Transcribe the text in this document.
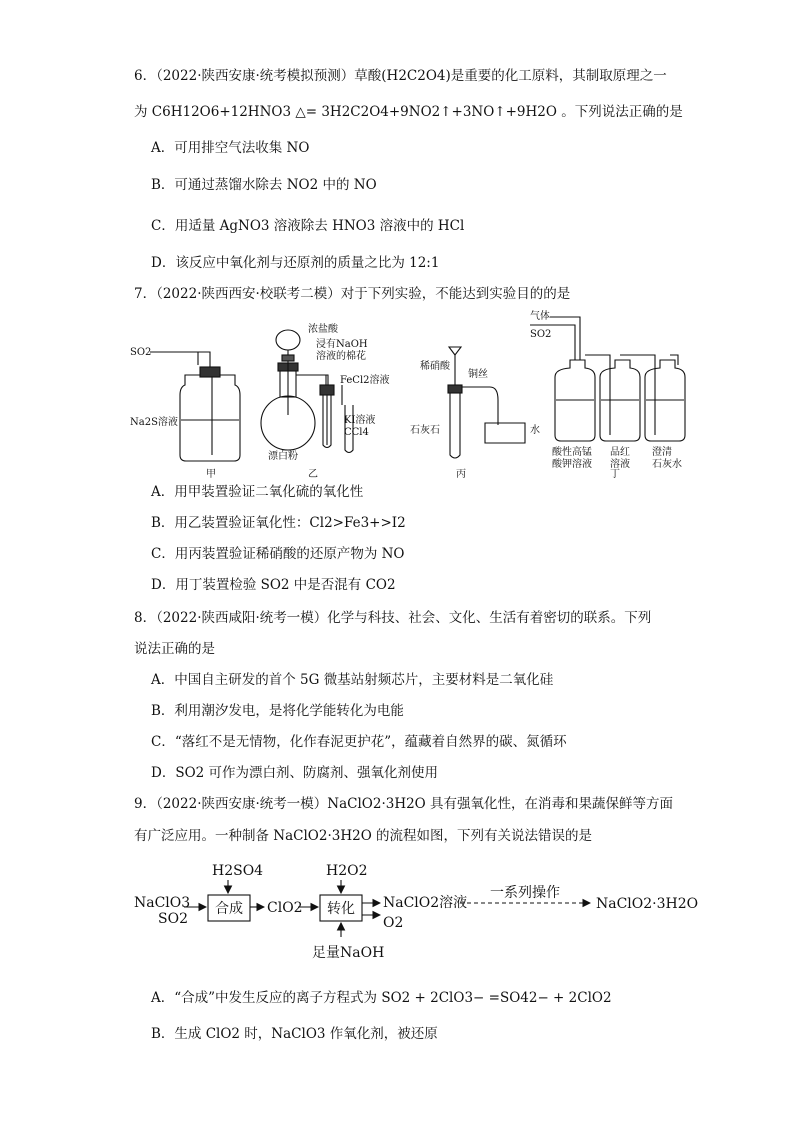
6．（2022·陕西安康·统考模拟预测）草酸(H2C2O4)是重要的化工原料，其制取原理之一
为 C6H12O6+12HNO3 △= 3H2C2O4+9NO2↑+3NO↑+9H2O 。下列说法正确的是
A．可用排空气法收集 NO
B．可通过蒸馏水除去 NO2 中的 NO
C．用适量 AgNO3 溶液除去 HNO3 溶液中的 HCl
D．该反应中氧化剂与还原剂的质量之比为 12:1
7．（2022·陕西西安·校联考二模）对于下列实验，不能达到实验目的的是
SO2
Na2S溶液
甲
浓盐酸
浸有NaOH
溶液的棉花
FeCl2溶液
KI溶液
CCl4
漂白粉
乙
稀硝酸
铜丝
石灰石	水
丙
气体
SO2
酸性高锰
酸钾溶液
品红
溶液
澄清
石灰水
丁
A．用甲装置验证二氧化硫的氧化性
B．用乙装置验证氧化性：Cl2>Fe3+>I2
C．用丙装置验证稀硝酸的还原产物为 NO
D．用丁装置检验 SO2 中是否混有 CO2
8．（2022·陕西咸阳·统考一模）化学与科技、社会、文化、生活有着密切的联系。下列
说法正确的是
A．中国自主研发的首个 5G 微基站射频芯片，主要材料是二氧化硅
B．利用潮汐发电，是将化学能转化为电能
C．“落红不是无情物，化作春泥更护花”，蕴藏着自然界的碳、氮循环
D．SO2 可作为漂白剂、防腐剂、强氧化剂使用
9．（2022·陕西安康·统考一模）NaClO2·3H2O 具有强氧化性，在消毒和果蔬保鲜等方面
有广泛应用。一种制备 NaClO2·3H2O 的流程如图，下列有关说法错误的是
NaClO3
SO2
H2SO4
合成 ClO2
H2O2
转化
足量NaOH
NaClO2溶液
O2
一系列操作
NaClO2·3H2O
A．“合成”中发生反应的离子方程式为 SO2 + 2ClO3− =SO42− + 2ClO2
B．生成 ClO2 时，NaClO3 作氧化剂，被还原
